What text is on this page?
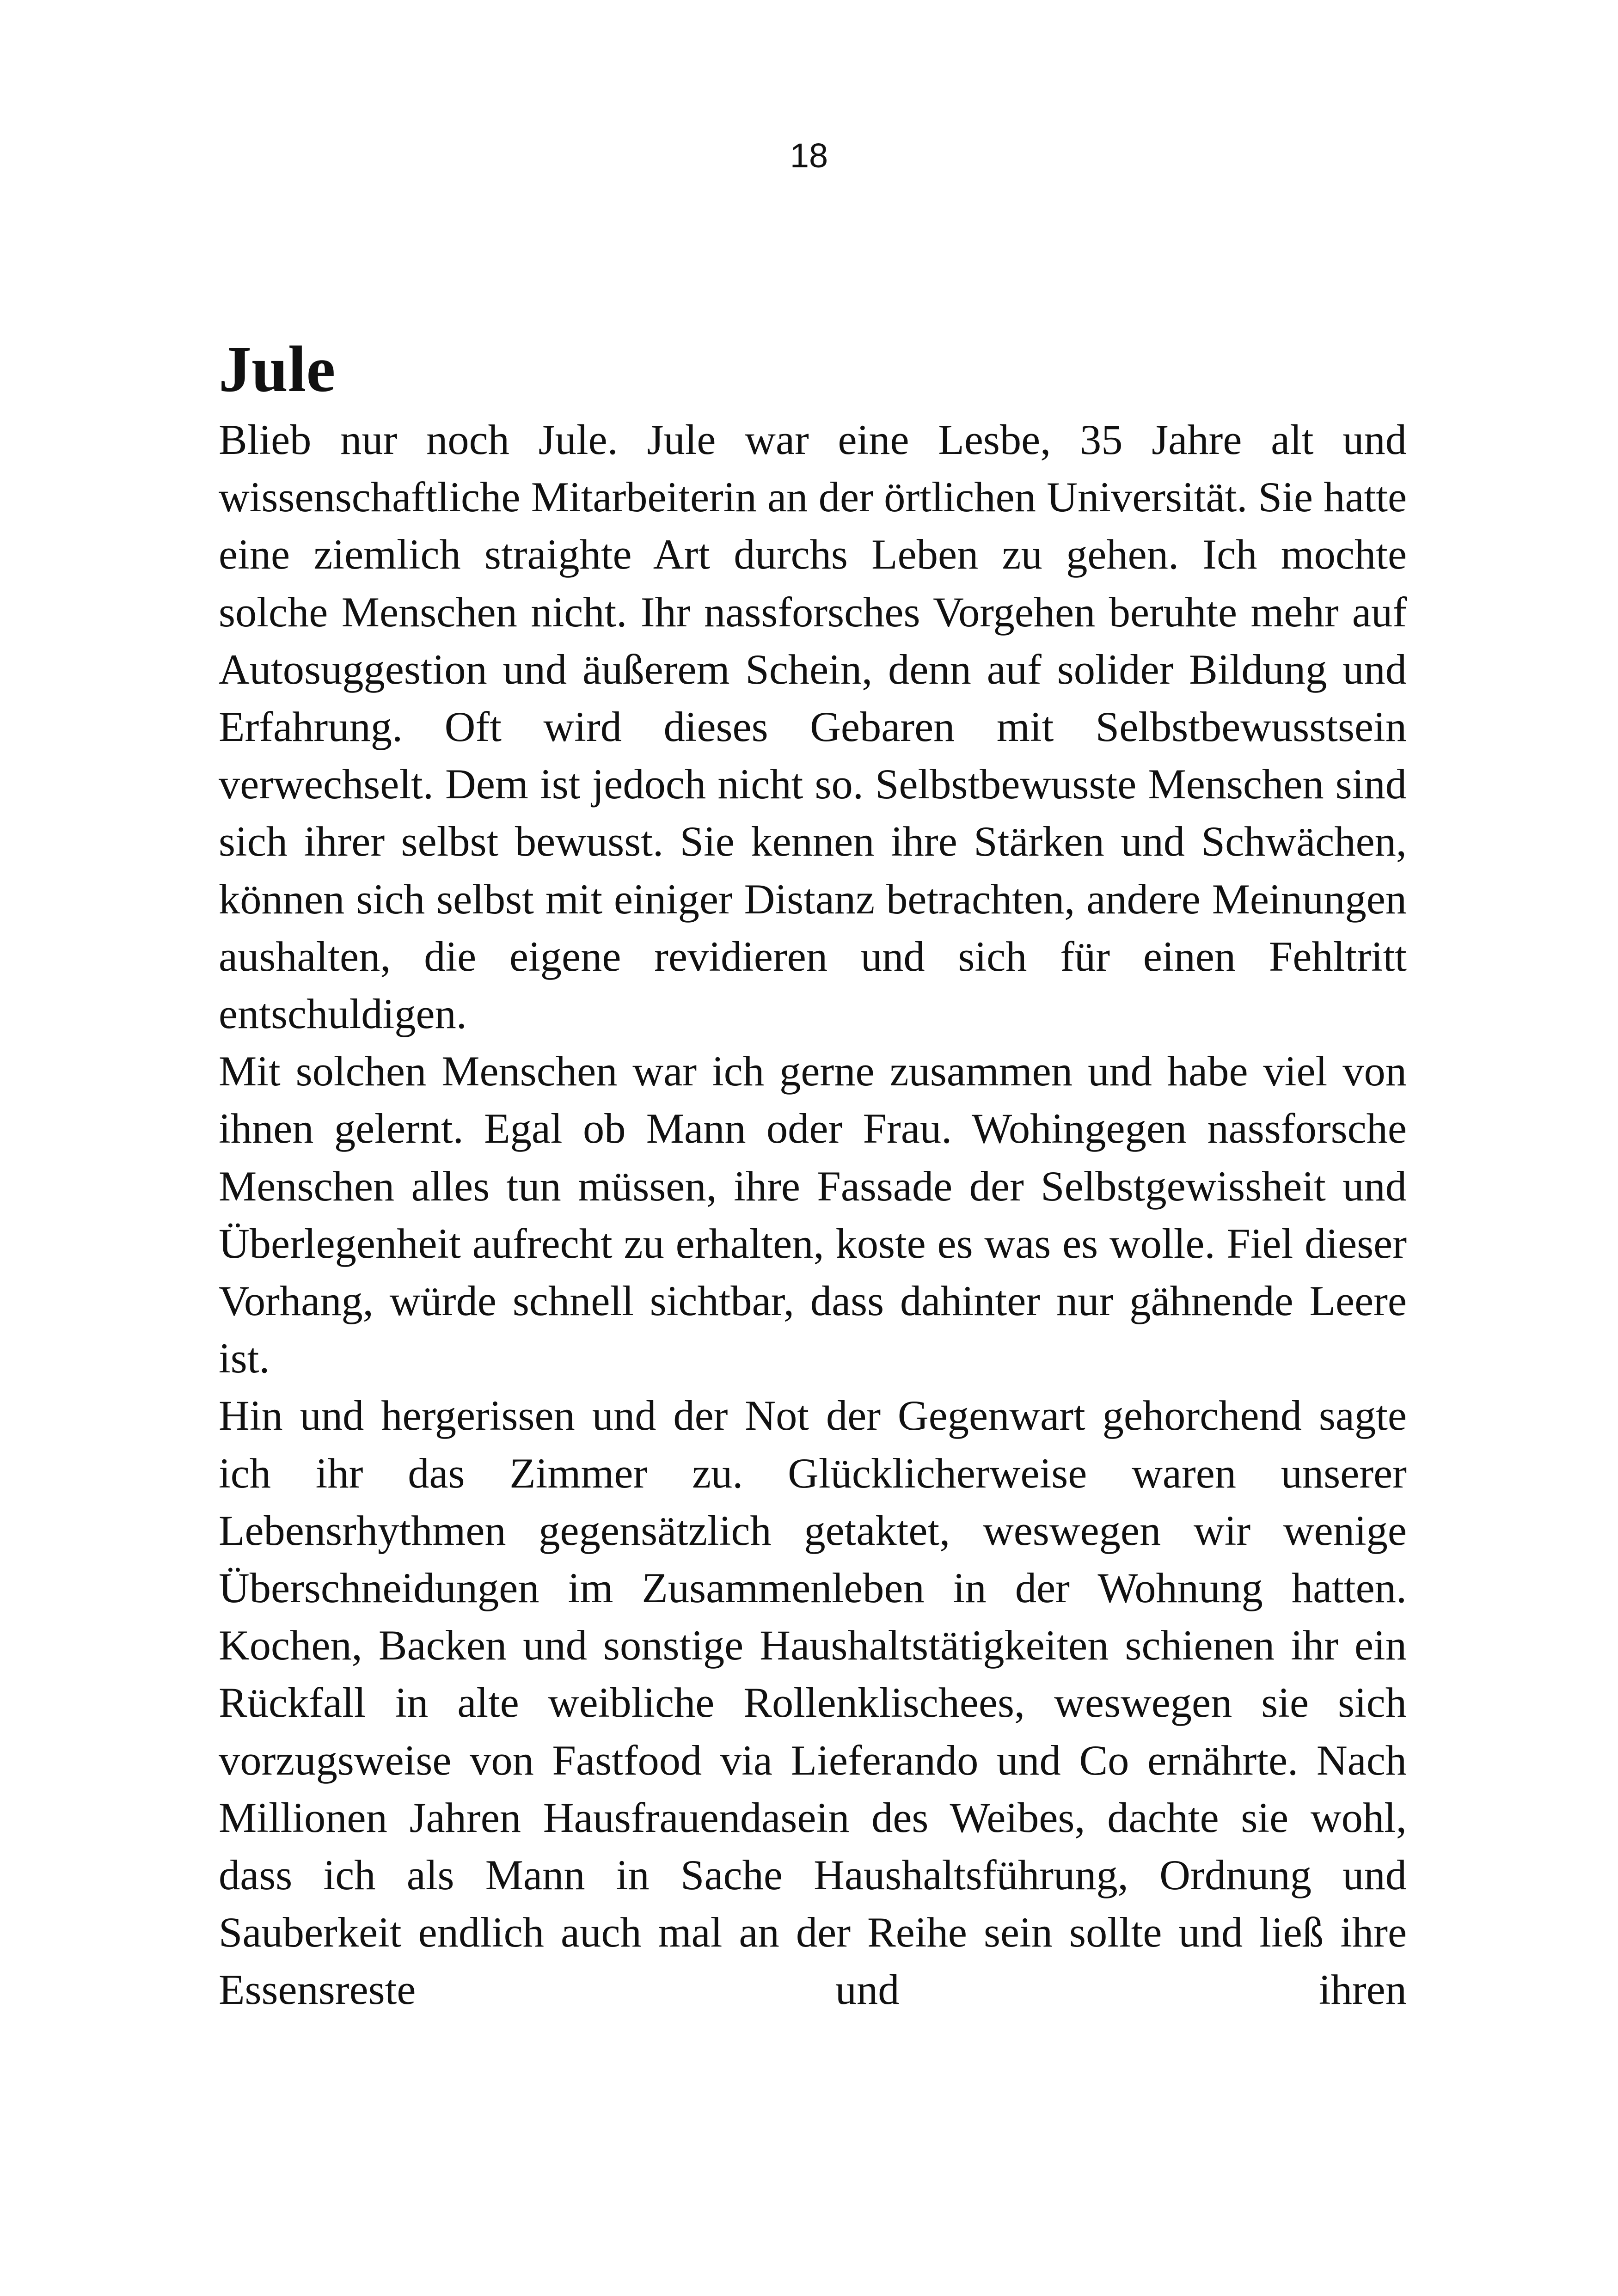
18
Jule

Blieb nur noch Jule. Jule war eine Lesbe, 35 Jahre alt und wissenschaftliche Mitarbeiterin an der örtlichen Universität. Sie hatte eine ziemlich straighte Art durchs Leben zu gehen. Ich mochte solche Menschen nicht. Ihr nassforsches Vorgehen beruhte mehr auf Autosuggestion und äußerem Schein, denn auf solider Bildung und Erfahrung. Oft wird dieses Gebaren mit Selbstbewusstsein verwechselt. Dem ist jedoch nicht so. Selbstbewusste Menschen sind sich ihrer selbst bewusst. Sie kennen ihre Stärken und Schwächen, können sich selbst mit einiger Distanz betrachten, andere Meinungen aushalten, die eigene revidieren und sich für einen Fehltritt entschuldigen.

Mit solchen Menschen war ich gerne zusammen und habe viel von ihnen gelernt. Egal ob Mann oder Frau. Wohingegen nassforsche Menschen alles tun müssen, ihre Fassade der Selbstgewissheit und Überlegenheit aufrecht zu erhalten, koste es was es wolle. Fiel dieser Vorhang, würde schnell sichtbar, dass dahinter nur gähnende Leere ist.

Hin und hergerissen und der Not der Gegenwart gehorchend sagte ich ihr das Zimmer zu. Glücklicherweise waren unserer Lebensrhythmen gegensätzlich getaktet, weswegen wir wenige Überschneidungen im Zusammenleben in der Wohnung hatten. Kochen, Backen und sonstige Haushaltstätigkeiten schienen ihr ein Rückfall in alte weibliche Rollenklischees, weswegen sie sich vorzugsweise von Fastfood via Lieferando und Co ernährte. Nach Millionen Jahren Hausfrauendasein des Weibes, dachte sie wohl, dass ich als Mann in Sache Haushaltsführung, Ordnung und Sauberkeit endlich auch mal an der Reihe sein sollte und ließ ihre Essensreste und ihren
